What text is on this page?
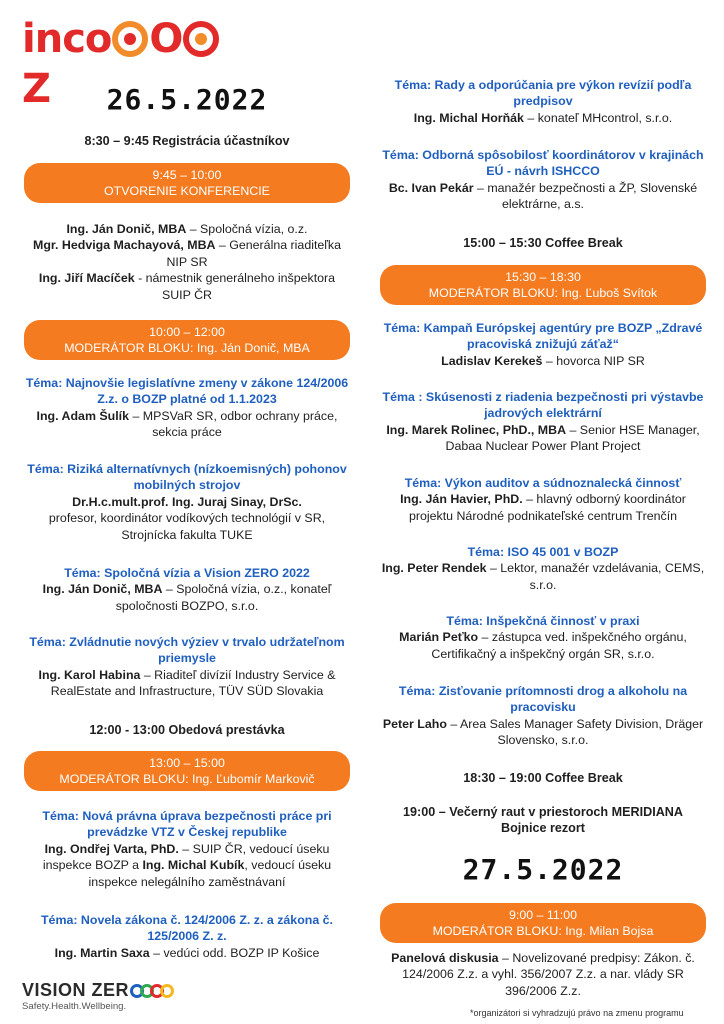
inco OZ	26.5.2022
8:30 – 9:45 Registrácia účastníkov
9:45 – 10:00
OTVORENIE KONFERENCIE
Ing. Ján Donič, MBA – Spoločná vízia, o.z.
Mgr. Hedviga Machayová, MBA – Generálna riaditeľka NIP SR
Ing. Jiří Macíček - námestnik generálneho inšpektora SUIP ČR
10:00 – 12:00
MODERÁTOR BLOKU: Ing. Ján Donič, MBA
Téma: Najnovšie legislatívne zmeny v zákone 124/2006 Z.z. o BOZP platné od 1.1.2023
Ing. Adam Šulík – MPSVaR SR, odbor ochrany práce, sekcia práce
Téma: Riziká alternatívnych (nízkoemisných) pohonov mobilných strojov
Dr.H.c.mult.prof. Ing. Juraj Sinay, DrSc.
profesor, koordinátor vodíkových technológií v SR, Strojnícka fakulta TUKE
Téma: Spoločná vízia a Vision ZERO 2022
Ing. Ján Donič, MBA – Spoločná vízia, o.z., konateľ spoločnosti BOZPO, s.r.o.
Téma: Zvládnutie nových výziev v trvalo udržateľnom priemysle
Ing. Karol Habina – Riaditeľ divízií Industry Service & RealEstate and Infrastructure, TÜV SÜD Slovakia
12:00 - 13:00 Obedová prestávka
13:00 – 15:00
MODERÁTOR BLOKU: Ing. Ľubomír Markovič
Téma: Nová právna úprava bezpečnosti práce pri prevádzke VTZ v Českej republike
Ing. Ondřej Varta, PhD. – SUIP ČR, vedoucí úseku inspekce BOZP a Ing. Michal Kubík, vedoucí úseku inspekce nelegálního zaměstnávaní
Téma: Novela zákona č. 124/2006 Z. z. a zákona č. 125/2006 Z. z.
Ing. Martin Saxa – vedúci odd. BOZP IP Košice
Téma: Rady a odporúčania pre výkon revízií podľa predpisov
Ing. Michal Horňák – konateľ MHcontrol, s.r.o.
Téma: Odborná spôsobilosť koordinátorov v krajinách EÚ - návrh ISHCCO
Bc. Ivan Pekár – manažér bezpečnosti a ŽP, Slovenské elektrárne, a.s.
15:00 – 15:30 Coffee Break
15:30 – 18:30
MODERÁTOR BLOKU: Ing. Ľuboš Svítok
Téma: Kampaň Európskej agentúry pre BOZP „Zdravé pracoviská znižujú záťaž“
Ladislav Kerekeš – hovorca NIP SR
Téma : Skúsenosti z riadenia bezpečnosti pri výstavbe jadrových elektrární
Ing. Marek Rolinec, PhD., MBA – Senior HSE Manager, Dabaa Nuclear Power Plant Project
Téma: Výkon auditov a súdnoznalecká činnosť
Ing. Ján Havier, PhD. – hlavný odborný koordinátor projektu Národné podnikateľské centrum Trenčín
Téma: ISO 45 001 v BOZP
Ing. Peter Rendek – Lektor, manažér vzdelávania, CEMS, s.r.o.
Téma: Inšpekčná činnosť v praxi
Marián Peťko – zástupca ved. inšpekčného orgánu, Certifikačný a inšpekčný orgán SR, s.r.o.
Téma: Zisťovanie prítomnosti drog a alkoholu na pracovisku
Peter Laho – Area Sales Manager Safety Division, Dräger Slovensko, s.r.o.
18:30 – 19:00 Coffee Break
19:00 – Večerný raut v priestoroch MERIDIANA Bojnice rezort
27.5.2022
9:00 – 11:00
MODERÁTOR BLOKU: Ing. Milan Bojsa
Panelová diskusia – Novelizované predpisy: Zákon. č. 124/2006 Z.z. a vyhl. 356/2007 Z.z. a nar. vlády SR 396/2006 Z.z.
VISION ZER
Safety.Health.Wellbeing.
*organizátori si vyhradzujú právo na zmenu programu
